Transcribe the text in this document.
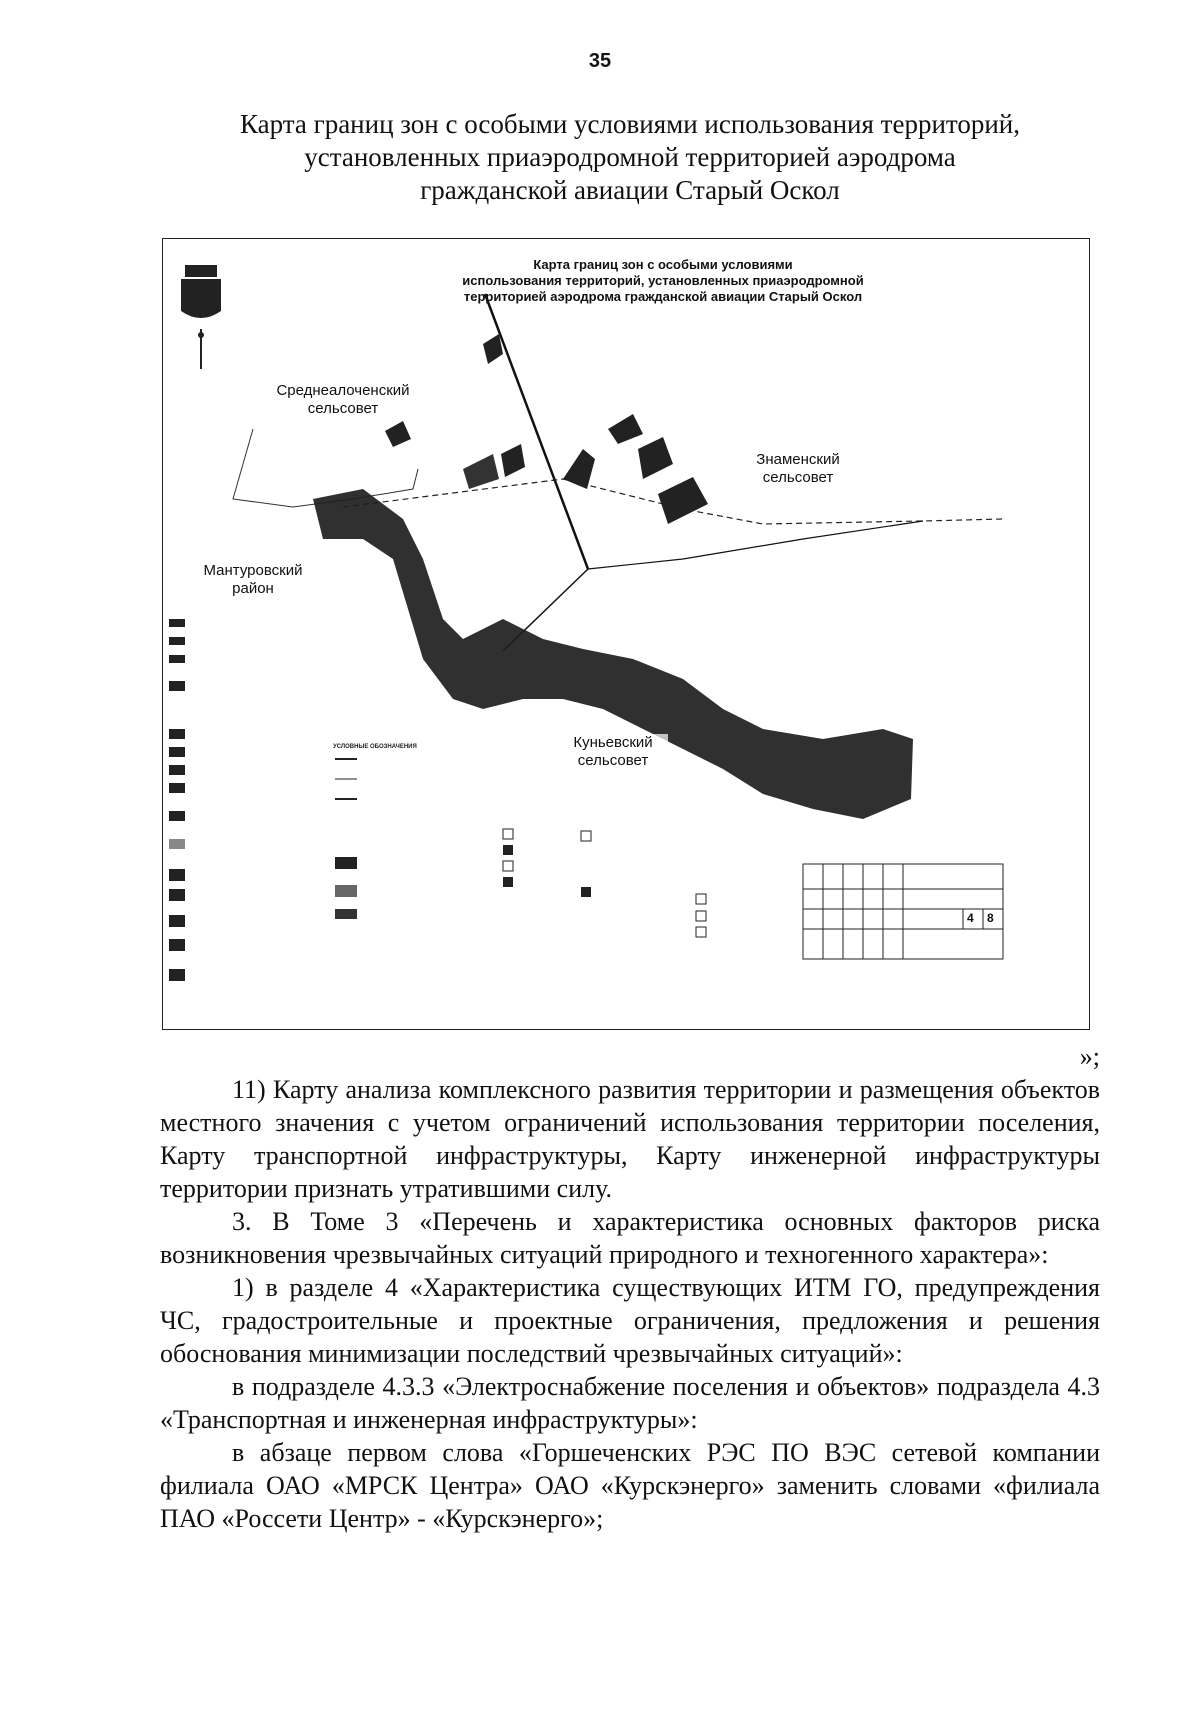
35
Карта границ зон с особыми условиями использования территорий,
установленных приаэродромной территорией аэродрома
гражданской авиации Старый Оскол
Карта границ зон с особыми условиями
использования территорий, установленных приаэродромной
территорией аэродрома гражданской авиации Старый Оскол
Среднеалоченский
сельсовет
Знаменский
сельсовет
Мантуровский
район
Куньевский
сельсовет
УСЛОВНЫЕ ОБОЗНАЧЕНИЯ
4 8

»;

11) Карту анализа комплексного развития территории и размещения объектов местного значения с учетом ограничений использования территории поселения, Карту транспортной инфраструктуры, Карту инженерной инфраструктуры территории признать утратившими силу.

3. В Томе 3 «Перечень и характеристика основных факторов риска возникновения чрезвычайных ситуаций природного и техногенного характера»:

1) в разделе 4 «Характеристика существующих ИТМ ГО, предупреждения ЧС, градостроительные и проектные ограничения, предложения и решения обоснования минимизации последствий чрезвычайных ситуаций»:

в подразделе 4.3.3 «Электроснабжение поселения и объектов» подраздела 4.3 «Транспортная и инженерная инфраструктуры»:

в абзаце первом слова «Горшеченских РЭС ПО ВЭС сетевой компании филиала ОАО «МРСК Центра» ОАО «Курскэнерго» заменить словами «филиала ПАО «Россети Центр» - «Курскэнерго»;
